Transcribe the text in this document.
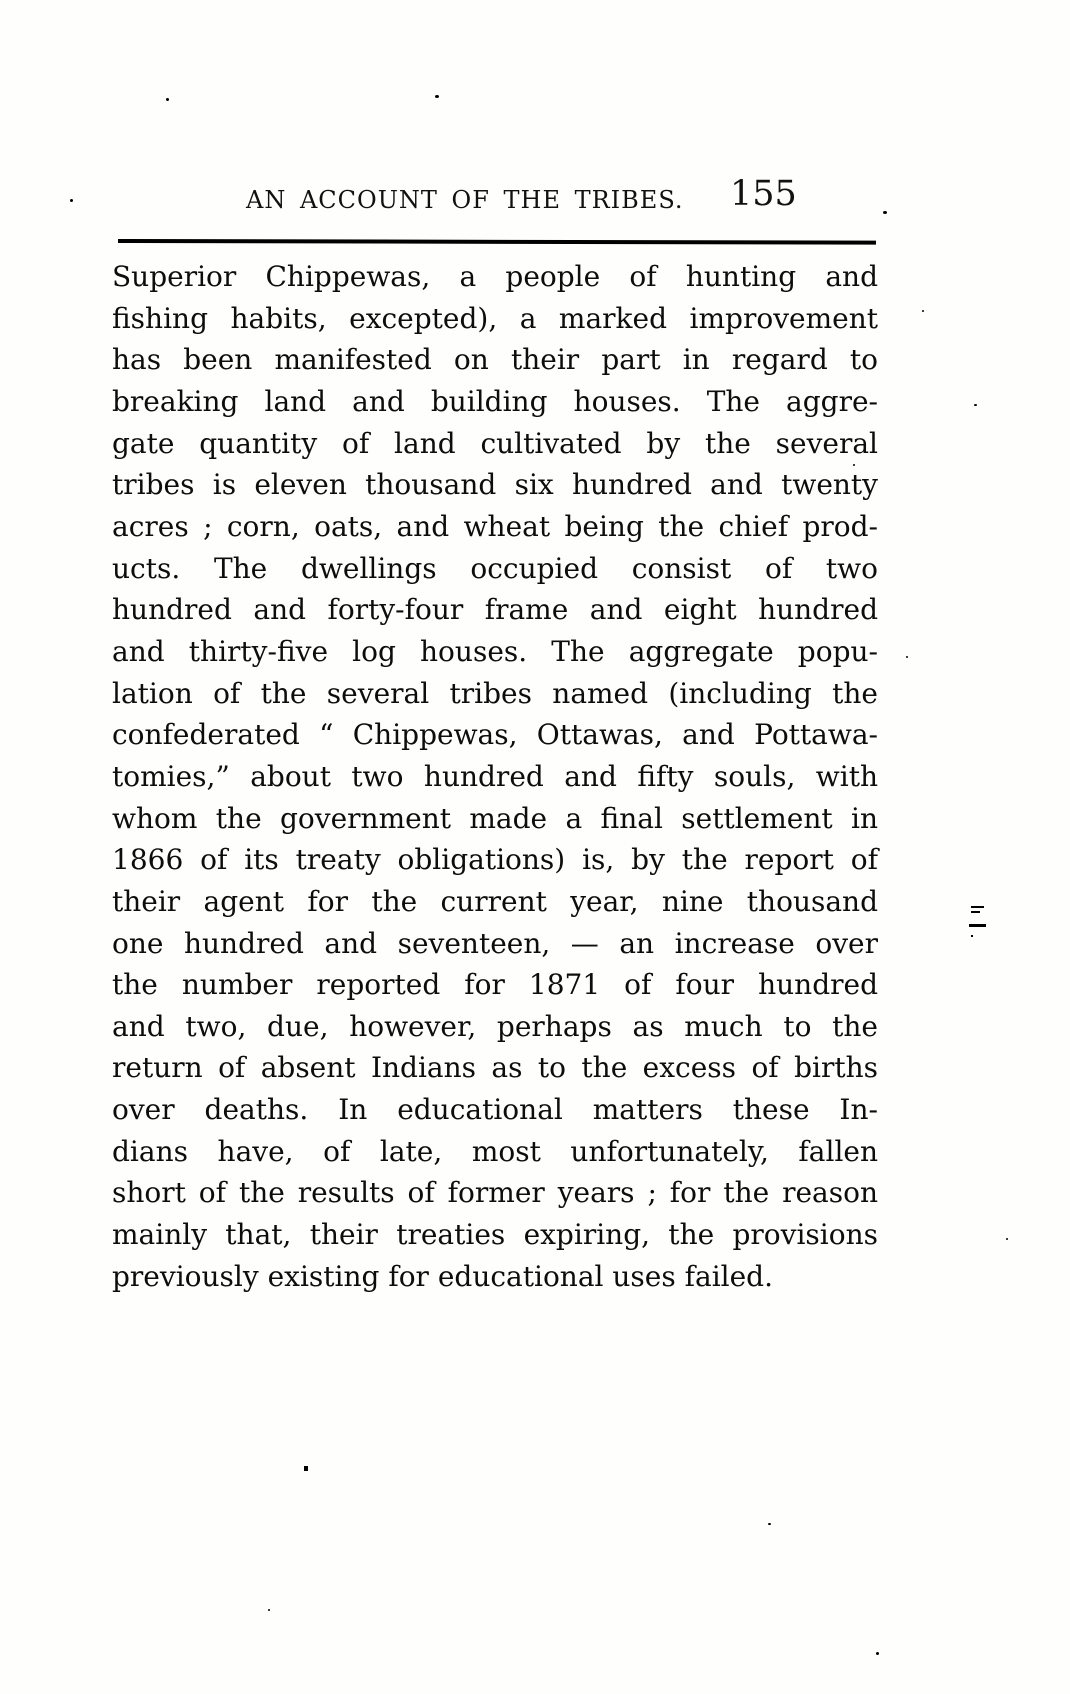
AN ACCOUNT OF THE TRIBES. 155
Superior Chippewas, a people of hunting and
fishing habits, excepted), a marked improvement
has been manifested on their part in regard to
breaking land and building houses. The aggre-
gate quantity of land cultivated by the several
tribes is eleven thousand six hundred and twenty
acres ; corn, oats, and wheat being the chief prod-
ucts. The dwellings occupied consist of two
hundred and forty-four frame and eight hundred
and thirty-five log houses. The aggregate popu-
lation of the several tribes named (including the
confederated “ Chippewas, Ottawas, and Pottawa-
tomies,” about two hundred and fifty souls, with
whom the government made a final settlement in
1866 of its treaty obligations) is, by the report of
their agent for the current year, nine thousand
one hundred and seventeen, — an increase over
the number reported for 1871 of four hundred
and two, due, however, perhaps as much to the
return of absent Indians as to the excess of births
over deaths. In educational matters these In-
dians have, of late, most unfortunately, fallen
short of the results of former years ; for the reason
mainly that, their treaties expiring, the provisions
previously existing for educational uses failed.
